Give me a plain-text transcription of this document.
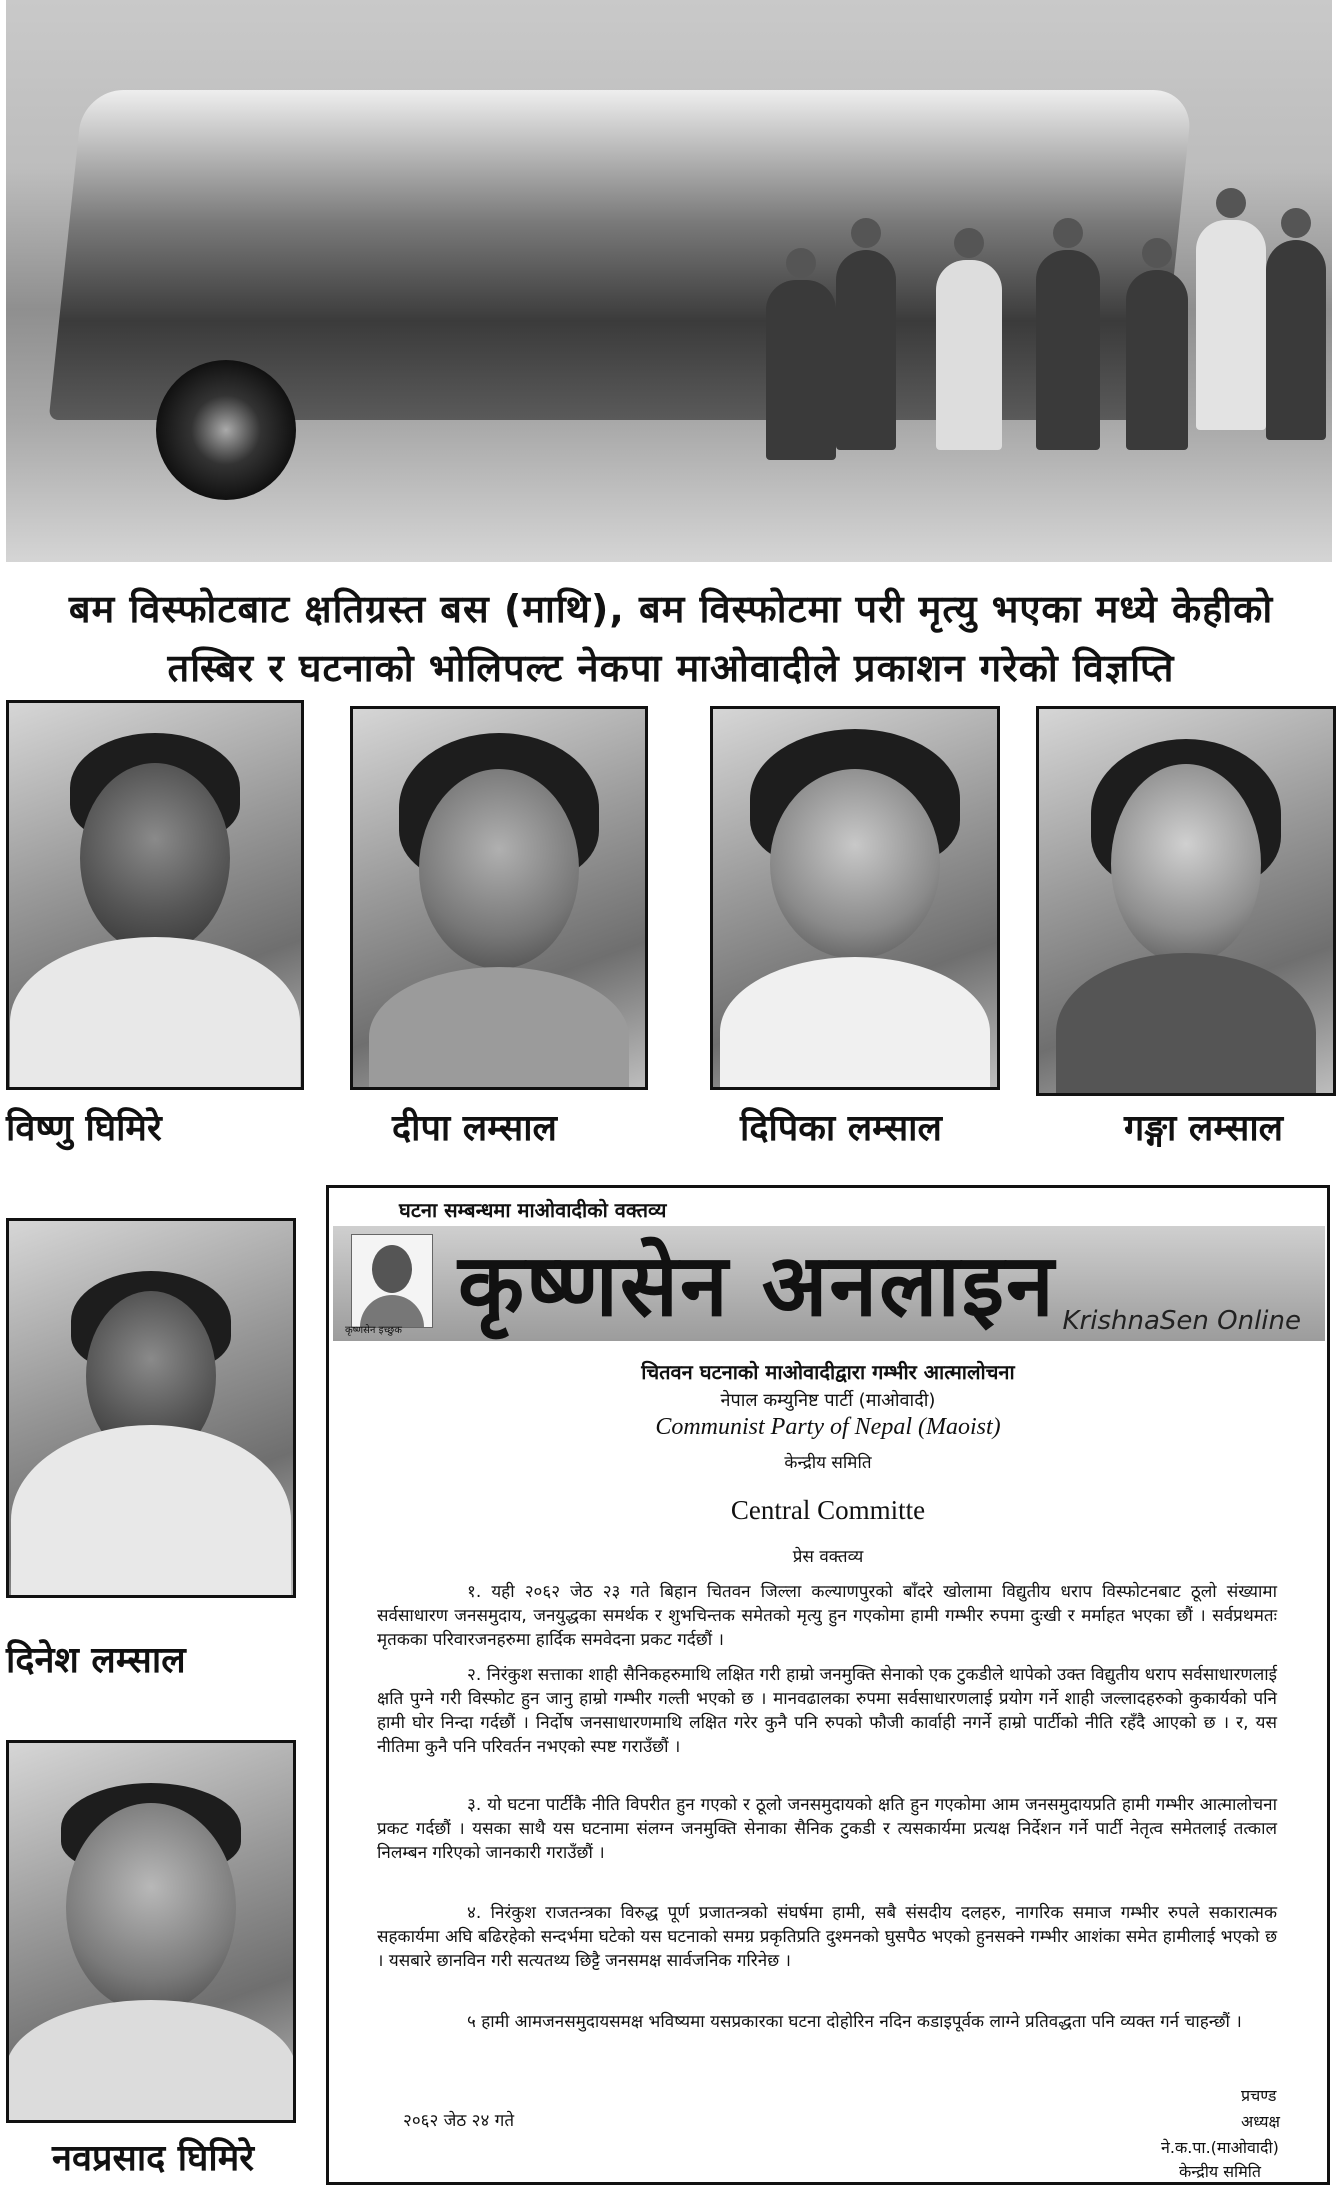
बम विस्फोटबाट क्षतिग्रस्त बस (माथि), बम विस्फोटमा परी मृत्यु भएका मध्ये केहीको
तस्बिर र घटनाको भोलिपल्ट नेकपा माओवादीले प्रकाशन गरेको विज्ञप्ति
विष्णु घिमिरे	दीपा लम्साल	दिपिका लम्साल	गङ्गा लम्साल
दिनेश लम्साल
नवप्रसाद घिमिरे
घटना सम्बन्धमा माओवादीको वक्तव्य
कृष्णसेन इच्छुक कृष्णसेन अनलाइन KrishnaSen Online
चितवन घटनाको माओवादीद्वारा गम्भीर आत्मालोचना
नेपाल कम्युनिष्ट पार्टी (माओवादी)
Communist Party of Nepal (Maoist)
केन्द्रीय समिति
Central Committe
प्रेस वक्तव्य

१. यही २०६२ जेठ २३ गते बिहान चितवन जिल्ला कल्याणपुरको बाँदरे खोलामा विद्युतीय धराप विस्फोटनबाट ठूलो संख्यामा सर्वसाधारण जनसमुदाय, जनयुद्धका समर्थक र शुभचिन्तक समेतको मृत्यु हुन गएकोमा हामी गम्भीर रुपमा दुःखी र मर्माहत भएका छौं । सर्वप्रथमतः मृतकका परिवारजनहरुमा हार्दिक समवेदना प्रकट गर्दछौं ।

२. निरंकुश सत्ताका शाही सैनिकहरुमाथि लक्षित गरी हाम्रो जनमुक्ति सेनाको एक टुकडीले थापेको उक्त विद्युतीय धराप सर्वसाधारणलाई क्षति पुग्ने गरी विस्फोट हुन जानु हाम्रो गम्भीर गल्ती भएको छ । मानवढालका रुपमा सर्वसाधारणलाई प्रयोग गर्ने शाही जल्लादहरुको कुकार्यको पनि हामी घोर निन्दा गर्दछौं । निर्दोष जनसाधारणमाथि लक्षित गरेर कुनै पनि रुपको फौजी कार्वाही नगर्ने हाम्रो पार्टीको नीति रहँदै आएको छ । र, यस नीतिमा कुनै पनि परिवर्तन नभएको स्पष्ट गराउँछौं ।

३. यो घटना पार्टीकै नीति विपरीत हुन गएको र ठूलो जनसमुदायको क्षति हुन गएकोमा आम जनसमुदायप्रति हामी गम्भीर आत्मालोचना प्रकट गर्दछौं । यसका साथै यस घटनामा संलग्न जनमुक्ति सेनाका सैनिक टुकडी र त्यसकार्यमा प्रत्यक्ष निर्देशन गर्ने पार्टी नेतृत्व समेतलाई तत्काल निलम्बन गरिएको जानकारी गराउँछौं ।

४. निरंकुश राजतन्त्रका विरुद्ध पूर्ण प्रजातन्त्रको संघर्षमा हामी, सबै संसदीय दलहरु, नागरिक समाज गम्भीर रुपले सकारात्मक सहकार्यमा अघि बढिरहेको सन्दर्भमा घटेको यस घटनाको समग्र प्रकृतिप्रति दुश्मनको घुसपैठ भएको हुनसक्ने गम्भीर आशंका समेत हामीलाई भएको छ । यसबारे छानविन गरी सत्यतथ्य छिट्टै जनसमक्ष सार्वजनिक गरिनेछ ।

५ हामी आमजनसमुदायसमक्ष भविष्यमा यसप्रकारका घटना दोहोरिन नदिन कडाइपूर्वक लाग्ने प्रतिवद्धता पनि व्यक्त गर्न चाहन्छौं ।

२०६२ जेठ २४ गते
प्रचण्ड
अध्यक्ष
ने.क.पा.(माओवादी)
केन्द्रीय समिति
